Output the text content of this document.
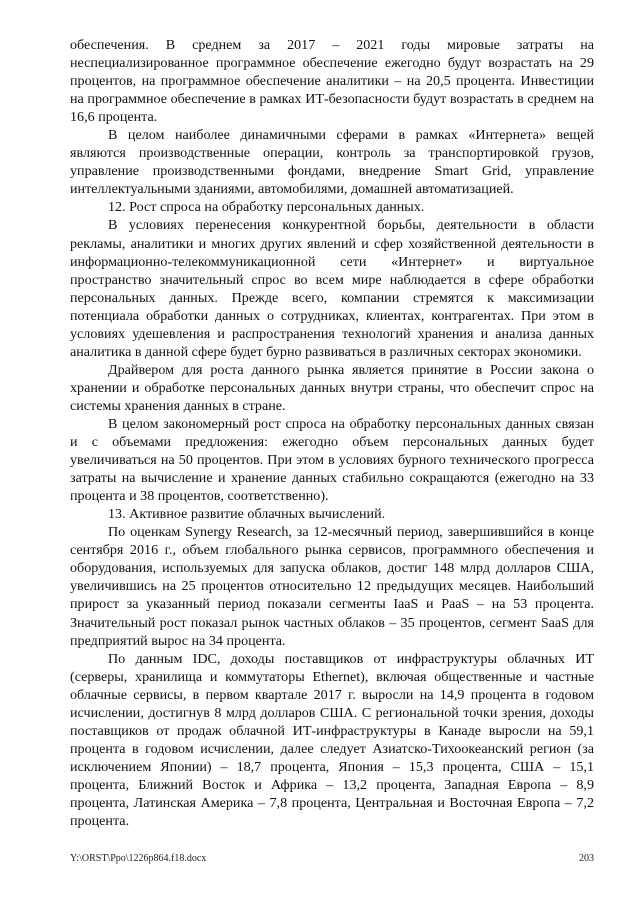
обеспечения. В среднем за 2017 – 2021 годы мировые затраты на неспециализированное программное обеспечение ежегодно будут возрастать на 29 процентов, на программное обеспечение аналитики – на 20,5 процента. Инвестиции на программное обеспечение в рамках ИТ-безопасности будут возрастать в среднем на 16,6 процента.

В целом наиболее динамичными сферами в рамках «Интернета» вещей являются производственные операции, контроль за транспортировкой грузов, управление производственными фондами, внедрение Smart Grid, управление интеллектуальными зданиями, автомобилями, домашней автоматизацией.

12. Рост спроса на обработку персональных данных.

В условиях перенесения конкурентной борьбы, деятельности в области рекламы, аналитики и многих других явлений и сфер хозяйственной деятельности в информационно-телекоммуникационной сети «Интернет» и виртуальное пространство значительный спрос во всем мире наблюдается в сфере обработки персональных данных. Прежде всего, компании стремятся к максимизации потенциала обработки данных о сотрудниках, клиентах, контрагентах. При этом в условиях удешевления и распространения технологий хранения и анализа данных аналитика в данной сфере будет бурно развиваться в различных секторах экономики.

Драйвером для роста данного рынка является принятие в России закона о хранении и обработке персональных данных внутри страны, что обеспечит спрос на системы хранения данных в стране.

В целом закономерный рост спроса на обработку персональных данных связан и с объемами предложения: ежегодно объем персональных данных будет увеличиваться на 50 процентов. При этом в условиях бурного технического прогресса затраты на вычисление и хранение данных стабильно сокращаются (ежегодно на 33 процента и 38 процентов, соответственно).

13. Активное развитие облачных вычислений.

По оценкам Synergy Research, за 12-месячный период, завершившийся в конце сентября 2016 г., объем глобального рынка сервисов, программного обеспечения и оборудования, используемых для запуска облаков, достиг 148 млрд долларов США, увеличившись на 25 процентов относительно 12 предыдущих месяцев. Наибольший прирост за указанный период показали сегменты IaaS и PaaS – на 53 процента. Значительный рост показал рынок частных облаков – 35 процентов, сегмент SaaS для предприятий вырос на 34 процента.

По данным IDC, доходы поставщиков от инфраструктуры облачных ИТ (серверы, хранилища и коммутаторы Ethernet), включая общественные и частные облачные сервисы, в первом квартале 2017 г. выросли на 14,9 процента в годовом исчислении, достигнув 8 млрд долларов США. С региональной точки зрения, доходы поставщиков от продаж облачной ИТ-инфраструктуры в Канаде выросли на 59,1 процента в годовом исчислении, далее следует Азиатско-Тихоокеанский регион (за исключением Японии) – 18,7 процента, Япония – 15,3 процента, США – 15,1 процента, Ближний Восток и Африка – 13,2 процента, Западная Европа – 8,9 процента, Латинская Америка – 7,8 процента, Центральная и Восточная Европа – 7,2 процента.

Y:\ORST\Ppo\1226p864.f18.docx	203
